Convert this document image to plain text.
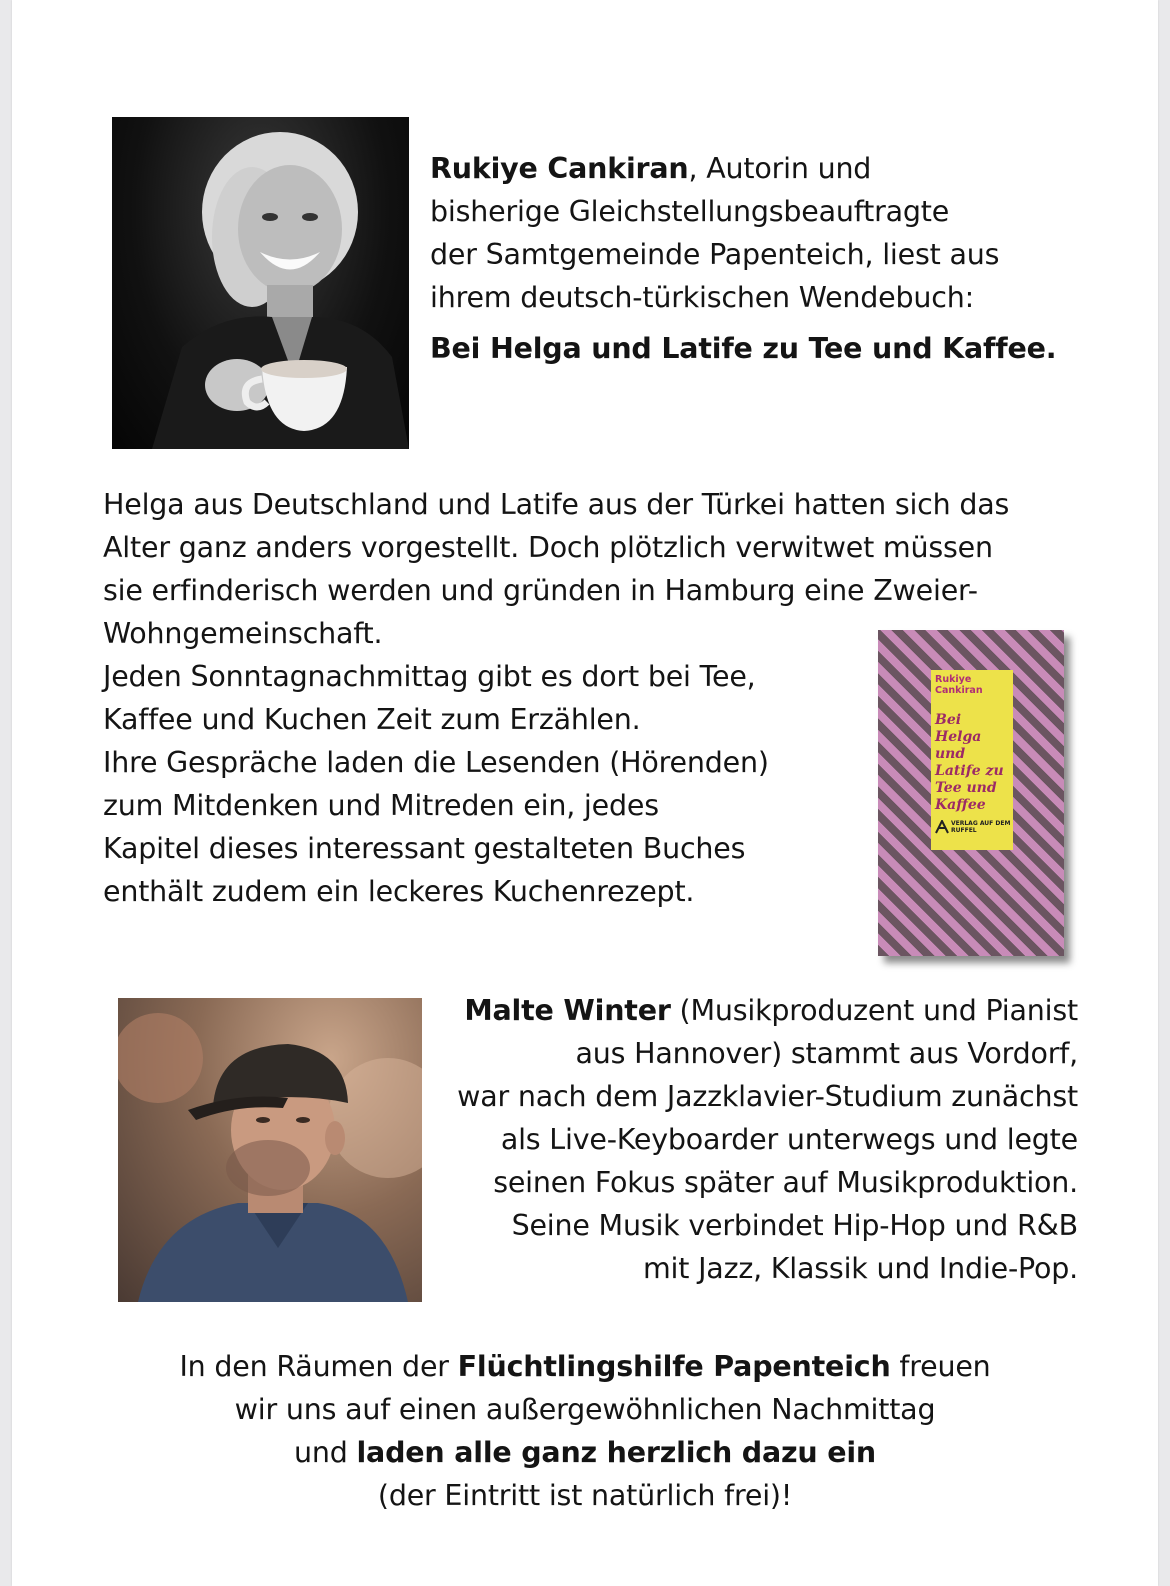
Rukiye Cankiran, Autorin und
bisherige Gleichstellungsbeauftragte
der Samtgemeinde Papenteich, liest aus
ihrem deutsch-türkischen Wendebuch:
Bei Helga und Latife zu Tee und Kaffee.
Helga aus Deutschland und Latife aus der Türkei hatten sich das
Alter ganz anders vorgestellt. Doch plötzlich verwitwet müssen
sie erfinderisch werden und gründen in Hamburg eine Zweier-
Wohngemeinschaft.
Jeden Sonntagnachmittag gibt es dort bei Tee,
Kaffee und Kuchen Zeit zum Erzählen.
Ihre Gespräche laden die Lesenden (Hörenden)
zum Mitdenken und Mitreden ein, jedes
Kapitel dieses interessant gestalteten Buches
enthält zudem ein leckeres Kuchenrezept.
Rukiye Cankiran
Bei Helga und Latife zu Tee und Kaffee
VERLAG AUF DEM RUFFEL
Malte Winter (Musikproduzent und Pianist
aus Hannover) stammt aus Vordorf,
war nach dem Jazzklavier-Studium zunächst
als Live-Keyboarder unterwegs und legte
seinen Fokus später auf Musikproduktion.
Seine Musik verbindet Hip-Hop und R&B
mit Jazz, Klassik und Indie-Pop.
In den Räumen der Flüchtlingshilfe Papenteich freuen
wir uns auf einen außergewöhnlichen Nachmittag
und laden alle ganz herzlich dazu ein
(der Eintritt ist natürlich frei)!
